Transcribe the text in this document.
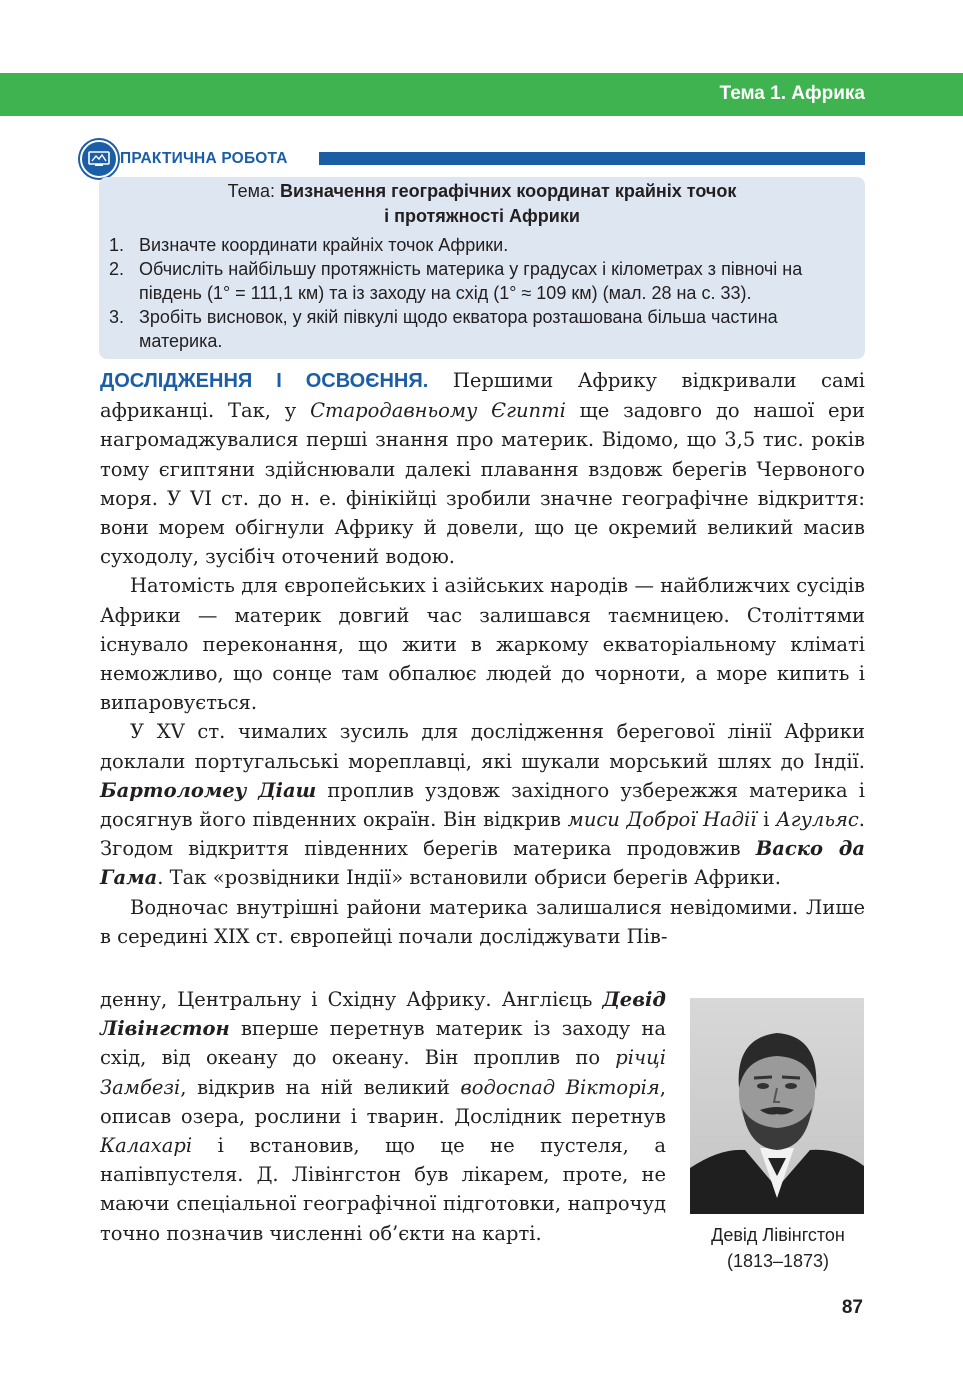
Тема 1. Африка
ПРАКТИЧНА РОБОТА
Тема: Визначення географічних координат крайніх точок
і протяжності Африки
1. Визначте координати крайніх точок Африки.
2. Обчисліть найбільшу протяжність материка у градусах і кілометрах з півночі на південь (1° = 111,1 км) та із заходу на схід (1° ≈ 109 км) (мал. 28 на с. 33).
3. Зробіть висновок, у якій півкулі щодо екватора розташована більша частина материка.

ДОСЛІДЖЕННЯ І ОСВОЄННЯ. Першими Африку відкривали самі африканці. Так, у Стародавньому Єгипті ще задовго до нашої ери нагромаджувалися перші знання про материк. Відомо, що 3,5 тис. років тому єгиптяни здійснювали далекі плавання вздовж берегів Червоного моря. У VI ст. до н. е. фінікійці зробили значне географічне відкриття: вони морем обігнули Африку й довели, що це окремий великий масив суходолу, зусібіч оточений водою.

Натомість для європейських і азійських народів — найближчих сусідів Африки — материк довгий час залишався таємницею. Століттями існувало переконання, що жити в жаркому екваторіальному кліматі неможливо, що сонце там обпалює людей до чорноти, а море кипить і випаровується.

У XV ст. чималих зусиль для дослідження берегової лінії Африки доклали португальські мореплавці, які шукали морський шлях до Індії. Бартоломеу Діаш проплив уздовж західного узбережжя материка і досягнув його південних окраїн. Він відкрив миси Доброї Надії і Агульяс. Згодом відкриття південних берегів материка продовжив Васко да Гама. Так «розвідники Індії» встановили обриси берегів Африки.

Водночас внутрішні райони материка залишалися невідомими. Лише в середині XIX ст. європейці почали досліджувати Пів-

денну, Центральну і Східну Африку. Англієць Девід Лівінгстон вперше перетнув материк із заходу на схід, від океану до океану. Він проплив по річці Замбезі, відкрив на ній великий водоспад Вікторія, описав озера, рослини і тварин. Дослідник перетнув Калахарі і встановив, що це не пустеля, а напівпустеля. Д. Лівінгстон був лікарем, проте, не маючи спеціальної географічної підготовки, напрочуд точно позначив численні об’єкти на карті.	Девід Лівінгстон
(1813–1873)
87
